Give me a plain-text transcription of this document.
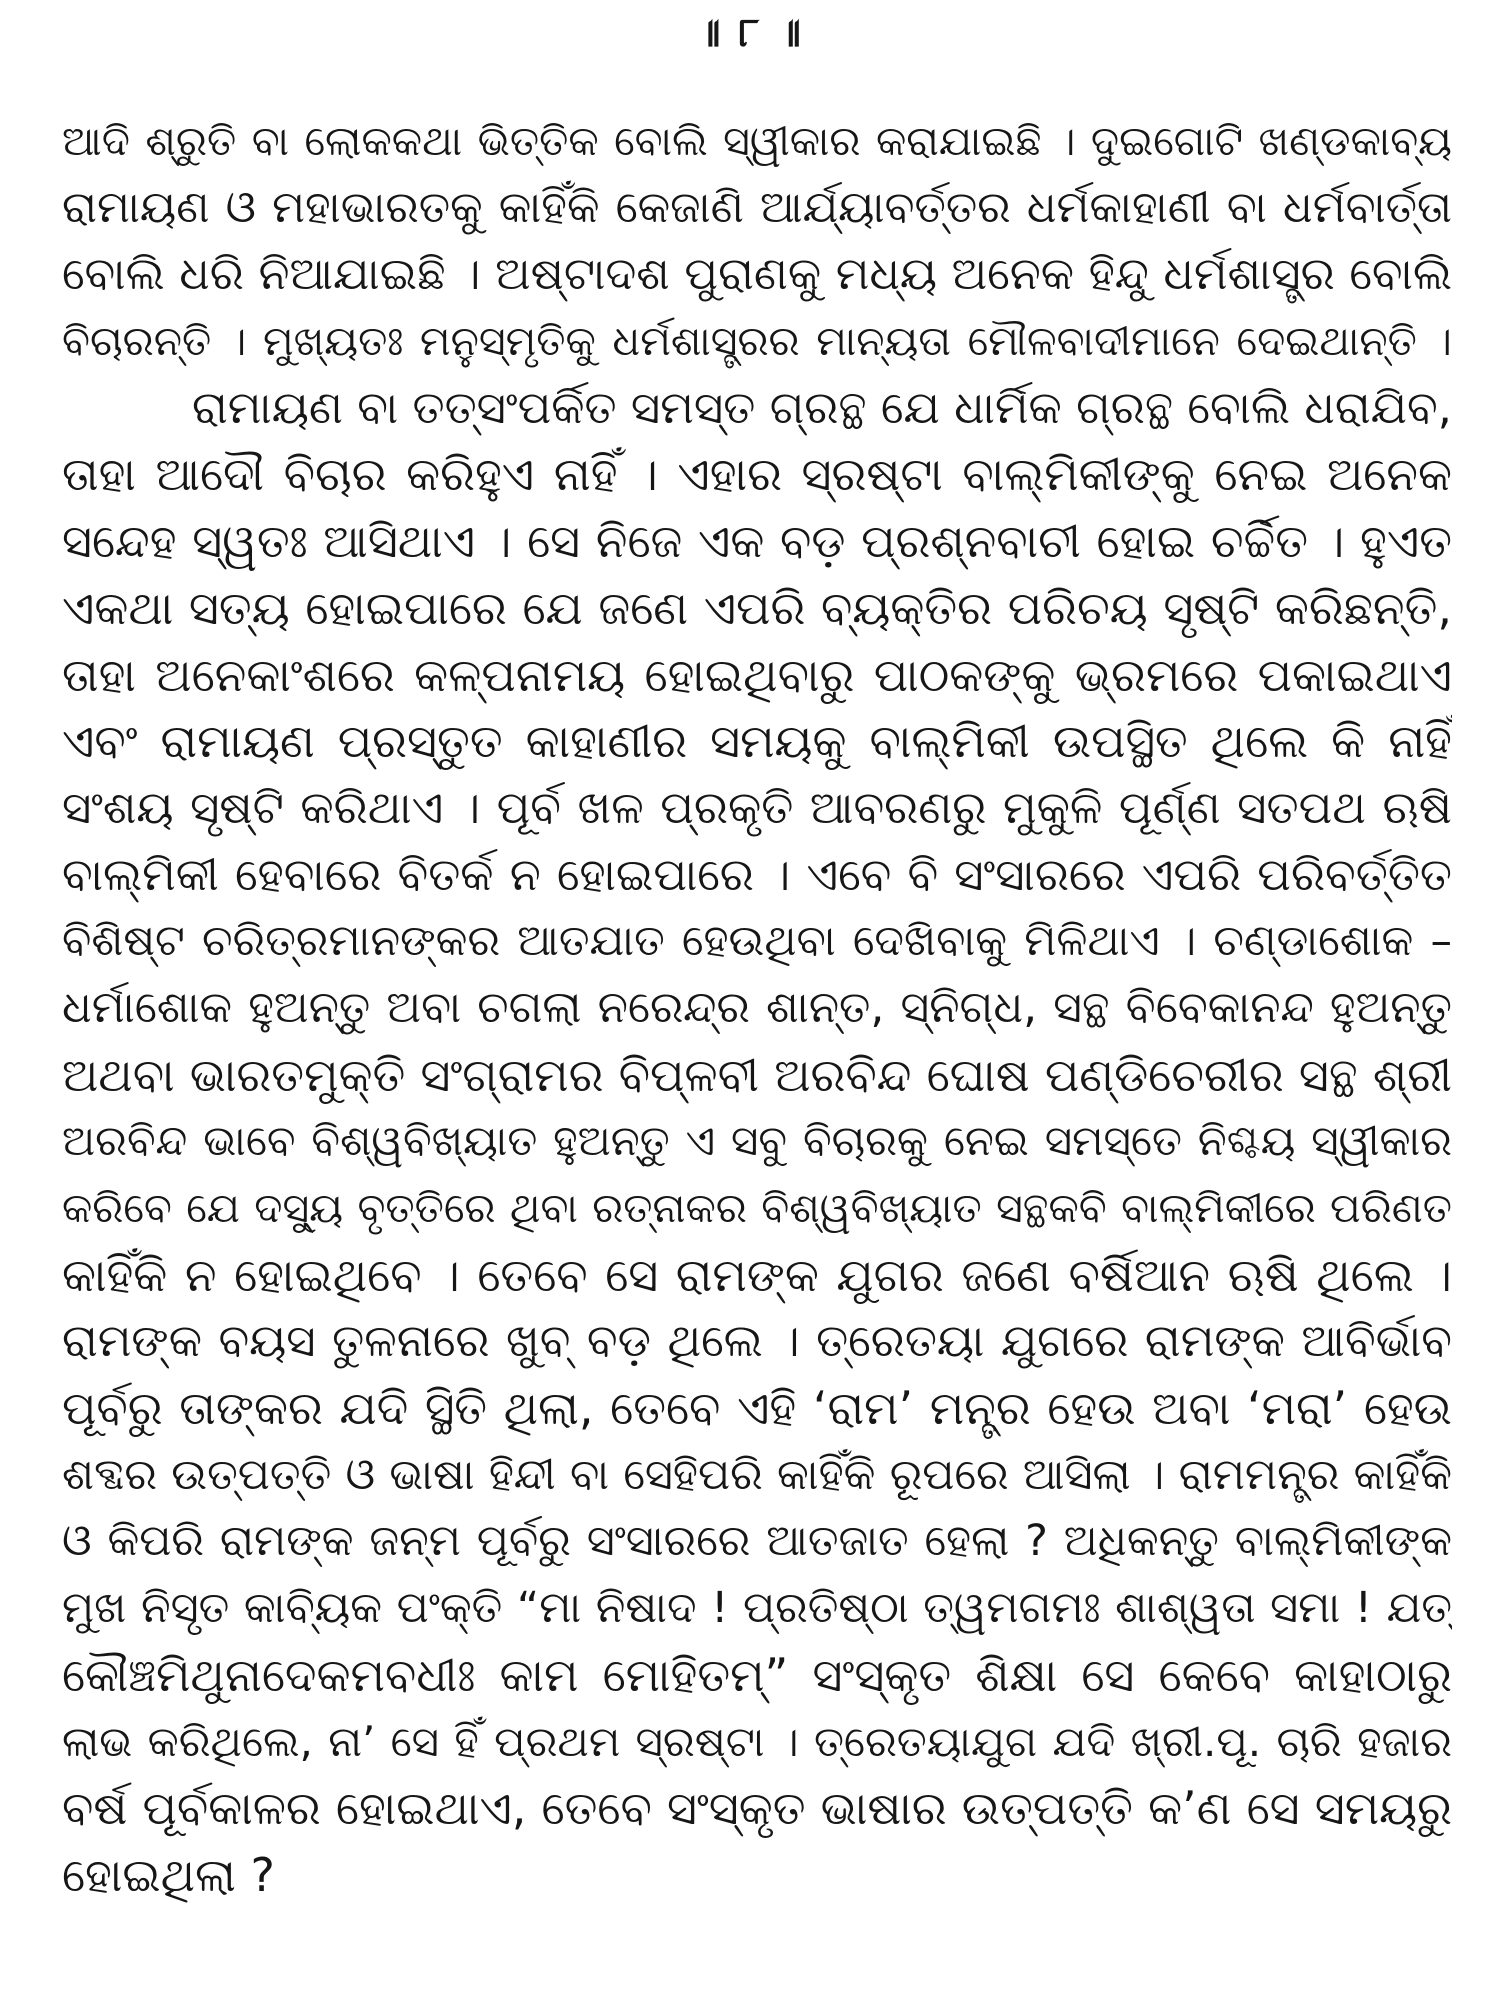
॥ ୮ ॥
ଆଦି ଶ୍ରୁତି ବା ଲୋକକଥା ଭିତ୍ତିକ ବୋଲି ସ୍ୱୀକାର କରାଯାଇଛି । ଦୁଇଗୋଟି ଖଣ୍ଡକାବ୍ୟ
ରାମାୟଣ ଓ ମହାଭାରତକୁ କାହିଁକି କେଜାଣି ଆର୍ଯ୍ୟାବର୍ତ୍ତର ଧର୍ମକାହାଣୀ ବା ଧର୍ମବାର୍ତ୍ତା
ବୋଲି ଧରି ନିଆଯାଇଛି । ଅଷ୍ଟାଦଶ ପୁରାଣକୁ ମଧ୍ୟ ଅନେକ ହିନ୍ଦୁ ଧର୍ମଶାସ୍ତ୍ର ବୋଲି
ବିଚାରନ୍ତି । ମୁଖ୍ୟତଃ ମନୁସ୍ମୃତିକୁ ଧର୍ମଶାସ୍ତ୍ରର ମାନ୍ୟତା ମୌଳବାଦୀମାନେ ଦେଇଥାନ୍ତି ।
ରାମାୟଣ ବା ତତ୍‌ସଂପର୍କିତ ସମସ୍ତ ଗ୍ରନ୍ଥ ଯେ ଧାର୍ମିକ ଗ୍ରନ୍ଥ ବୋଲି ଧରାଯିବ,
ତାହା ଆଦୌ ବିଚାର କରିହୁଏ ନାହିଁ । ଏହାର ସ୍ରଷ୍ଟା ବାଲ୍ମିକୀଙ୍କୁ ନେଇ ଅନେକ
ସନ୍ଦେହ ସ୍ୱତଃ ଆସିଥାଏ । ସେ ନିଜେ ଏକ ବଡ଼ ପ୍ରଶ୍ନବାଚୀ ହୋଇ ଚର୍ଚ୍ଚିତ । ହୁଏତ
ଏକଥା ସତ୍ୟ ହୋଇପାରେ ଯେ ଜଣେ ଏପରି ବ୍ୟକ୍ତିର ପରିଚୟ ସୃଷ୍ଟି କରିଛନ୍ତି,
ତାହା ଅନେକାଂଶରେ କଳ୍ପନାମୟ ହୋଇଥିବାରୁ ପାଠକଙ୍କୁ ଭ୍ରମରେ ପକାଇଥାଏ
ଏବଂ ରାମାୟଣ ପ୍ରସ୍ତୁତ କାହାଣୀର ସମୟକୁ ବାଲ୍ମିକୀ ଉପସ୍ଥିତ ଥିଲେ କି ନାହିଁ
ସଂଶୟ ସୃଷ୍ଟି କରିଥାଏ । ପୂର୍ବ ଖଳ ପ୍ରକୃତି ଆବରଣରୁ ମୁକୁଳି ପୂର୍ଣ୍ଣ ସତପଥ ଋଷି
ବାଲ୍ମିକୀ ହେବାରେ ବିତର୍କ ନ ହୋଇପାରେ । ଏବେ ବି ସଂସାରରେ ଏପରି ପରିବର୍ତ୍ତିତ
ବିଶିଷ୍ଟ ଚରିତ୍ରମାନଙ୍କର ଆତଯାତ ହେଉଥିବା ଦେଖିବାକୁ ମିଳିଥାଏ । ଚଣ୍ଡାଶୋକ –
ଧର୍ମାଶୋକ ହୁଅନ୍ତୁ ଅବା ଚଗଲା ନରେନ୍ଦ୍ର ଶାନ୍ତ, ସ୍ନିଗ୍ଧ, ସନ୍ଥ ବିବେକାନନ୍ଦ ହୁଅନ୍ତୁ
ଅଥବା ଭାରତମୁକ୍ତି ସଂଗ୍ରାମର ବିପ୍ଳବୀ ଅରବିନ୍ଦ ଘୋଷ ପଣ୍ଡିଚେରୀର ସନ୍ଥ ଶ୍ରୀ
ଅରବିନ୍ଦ ଭାବେ ବିଶ୍ୱବିଖ୍ୟାତ ହୁଅନ୍ତୁ ଏ ସବୁ ବିଚାରକୁ ନେଇ ସମସ୍ତେ ନିଶ୍ଚୟ ସ୍ୱୀକାର
କରିବେ ଯେ ଦସ୍ୟୁ ବୃତ୍ତିରେ ଥିବା ରତ୍ନାକର ବିଶ୍ୱବିଖ୍ୟାତ ସନ୍ଥକବି ବାଲ୍ମିକୀରେ ପରିଣତ
କାହିଁକି ନ ହୋଇଥିବେ । ତେବେ ସେ ରାମଙ୍କ ଯୁଗର ଜଣେ ବର୍ଷିଆନ ଋଷି ଥିଲେ ।
ରାମଙ୍କ ବୟସ ତୁଳନାରେ ଖୁବ୍ ବଡ଼ ଥିଲେ । ତ୍ରେତୟା ଯୁଗରେ ରାମଙ୍କ ଆବିର୍ଭାବ
ପୂର୍ବରୁ ତାଙ୍କର ଯଦି ସ୍ଥିତି ଥିଲା, ତେବେ ଏହି ‘ରାମ’ ମନ୍ତ୍ର ହେଉ ଅବା ‘ମରା’ ହେଉ
ଶବ୍ଦର ଉତ୍ପତ୍ତି ଓ ଭାଷା ହିନ୍ଦୀ ବା ସେହିପରି କାହିଁକି ରୂପରେ ଆସିଲା । ରାମମନ୍ତ୍ର କାହିଁକି
ଓ କିପରି ରାମଙ୍କ ଜନ୍ମ ପୂର୍ବରୁ ସଂସାରରେ ଆତଜାତ ହେଲା ? ଅଧିକନ୍ତୁ ବାଲ୍ମିକୀଙ୍କ
ମୁଖ ନିସୃତ କାବ୍ୟିକ ପଂକ୍ତି “ମା ନିଷାଦ ! ପ୍ରତିଷ୍ଠା ତ୍ୱମଗମଃ ଶାଶ୍ୱତା ସମା ! ଯତ୍
କୌଞ୍ଚମିଥୁନାଦେକମବଧୀଃ କାମ ମୋହିତମ୍” ସଂସ୍କୃତ ଶିକ୍ଷା ସେ କେବେ କାହାଠାରୁ
ଲାଭ କରିଥିଲେ, ନା’ ସେ ହିଁ ପ୍ରଥମ ସ୍ରଷ୍ଟା । ତ୍ରେତୟାଯୁଗ ଯଦି ଖ୍ରୀ.ପୂ. ଚାରି ହଜାର
ବର୍ଷ ପୂର୍ବକାଳର ହୋଇଥାଏ, ତେବେ ସଂସ୍କୃତ ଭାଷାର ଉତ୍ପତ୍ତି କ’ଣ ସେ ସମୟରୁ
ହୋଇଥିଲା ?
